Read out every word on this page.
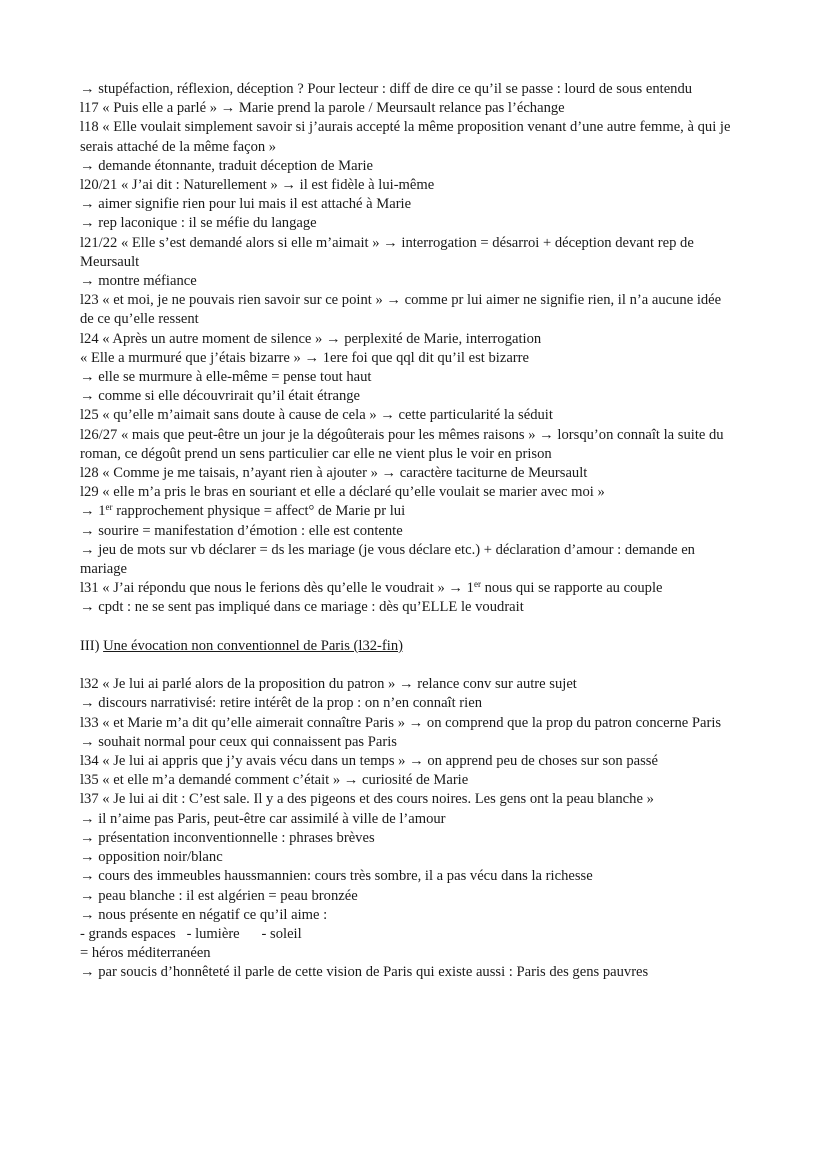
→ stupéfaction, réflexion, déception ? Pour lecteur : diff de dire ce qu’il se passe : lourd de sous entendu

l17 « Puis elle a parlé » → Marie prend la parole / Meursault relance pas l’échange

l18 « Elle voulait simplement savoir si j’aurais accepté la même proposition venant d’une autre femme, à qui je serais attaché de la même façon »

→ demande étonnante, traduit déception de Marie

l20/21 « J’ai dit : Naturellement » → il est fidèle à lui-même

→ aimer signifie rien pour lui mais il est attaché à Marie

→ rep laconique : il se méfie du langage

l21/22 « Elle s’est demandé alors si elle m’aimait » → interrogation = désarroi + déception devant rep de Meursault

→ montre méfiance

l23 « et moi, je ne pouvais rien savoir sur ce point » → comme pr lui aimer ne signifie rien, il n’a aucune idée de ce qu’elle ressent

l24 « Après un autre moment de silence » → perplexité de Marie, interrogation

« Elle a murmuré que j’étais bizarre » → 1ere foi que qql dit qu’il est bizarre

→ elle se murmure à elle-même = pense tout haut

→ comme si elle découvrirait qu’il était étrange

l25 « qu’elle m’aimait sans doute à cause de cela » → cette particularité la séduit

l26/27 « mais que peut-être un jour je la dégoûterais pour les mêmes raisons » → lorsqu’on connaît la suite du roman, ce dégoût prend un sens particulier car elle ne vient plus le voir en prison

l28 « Comme je me taisais, n’ayant rien à ajouter » → caractère taciturne de Meursault

l29 « elle m’a pris le bras en souriant et elle a déclaré qu’elle voulait se marier avec moi »

→ 1er rapprochement physique = affect° de Marie pr lui

→ sourire = manifestation d’émotion : elle est contente

→ jeu de mots sur vb déclarer = ds les mariage (je vous déclare etc.) + déclaration d’amour : demande en mariage

l31 « J’ai répondu que nous le ferions dès qu’elle le voudrait » → 1er nous qui se rapporte au couple

→ cpdt : ne se sent pas impliqué dans ce mariage : dès qu’ELLE le voudrait

III) Une évocation non conventionnel de Paris (l32-fin)

l32 « Je lui ai parlé alors de la proposition du patron » → relance conv sur autre sujet

→ discours narrativisé: retire intérêt de la prop : on n’en connaît rien

l33 « et Marie m’a dit qu’elle aimerait connaître Paris » → on comprend que la prop du patron concerne Paris

→ souhait normal pour ceux qui connaissent pas Paris

l34 « Je lui ai appris que j’y avais vécu dans un temps » → on apprend peu de choses sur son passé

l35 « et elle m’a demandé comment c’était » → curiosité de Marie

l37 « Je lui ai dit : C’est sale. Il y a des pigeons et des cours noires. Les gens ont la peau blanche »

→ il n’aime pas Paris, peut-être car assimilé à ville de l’amour

→ présentation inconventionnelle : phrases brèves

→ opposition noir/blanc

→ cours des immeubles haussmannien: cours très sombre, il a pas vécu dans la richesse

→ peau blanche : il est algérien = peau bronzée

→ nous présente en négatif ce qu’il aime :

- grands espaces   - lumière      - soleil

= héros méditerranéen

→ par soucis d’honnêteté il parle de cette vision de Paris qui existe aussi : Paris des gens pauvres
